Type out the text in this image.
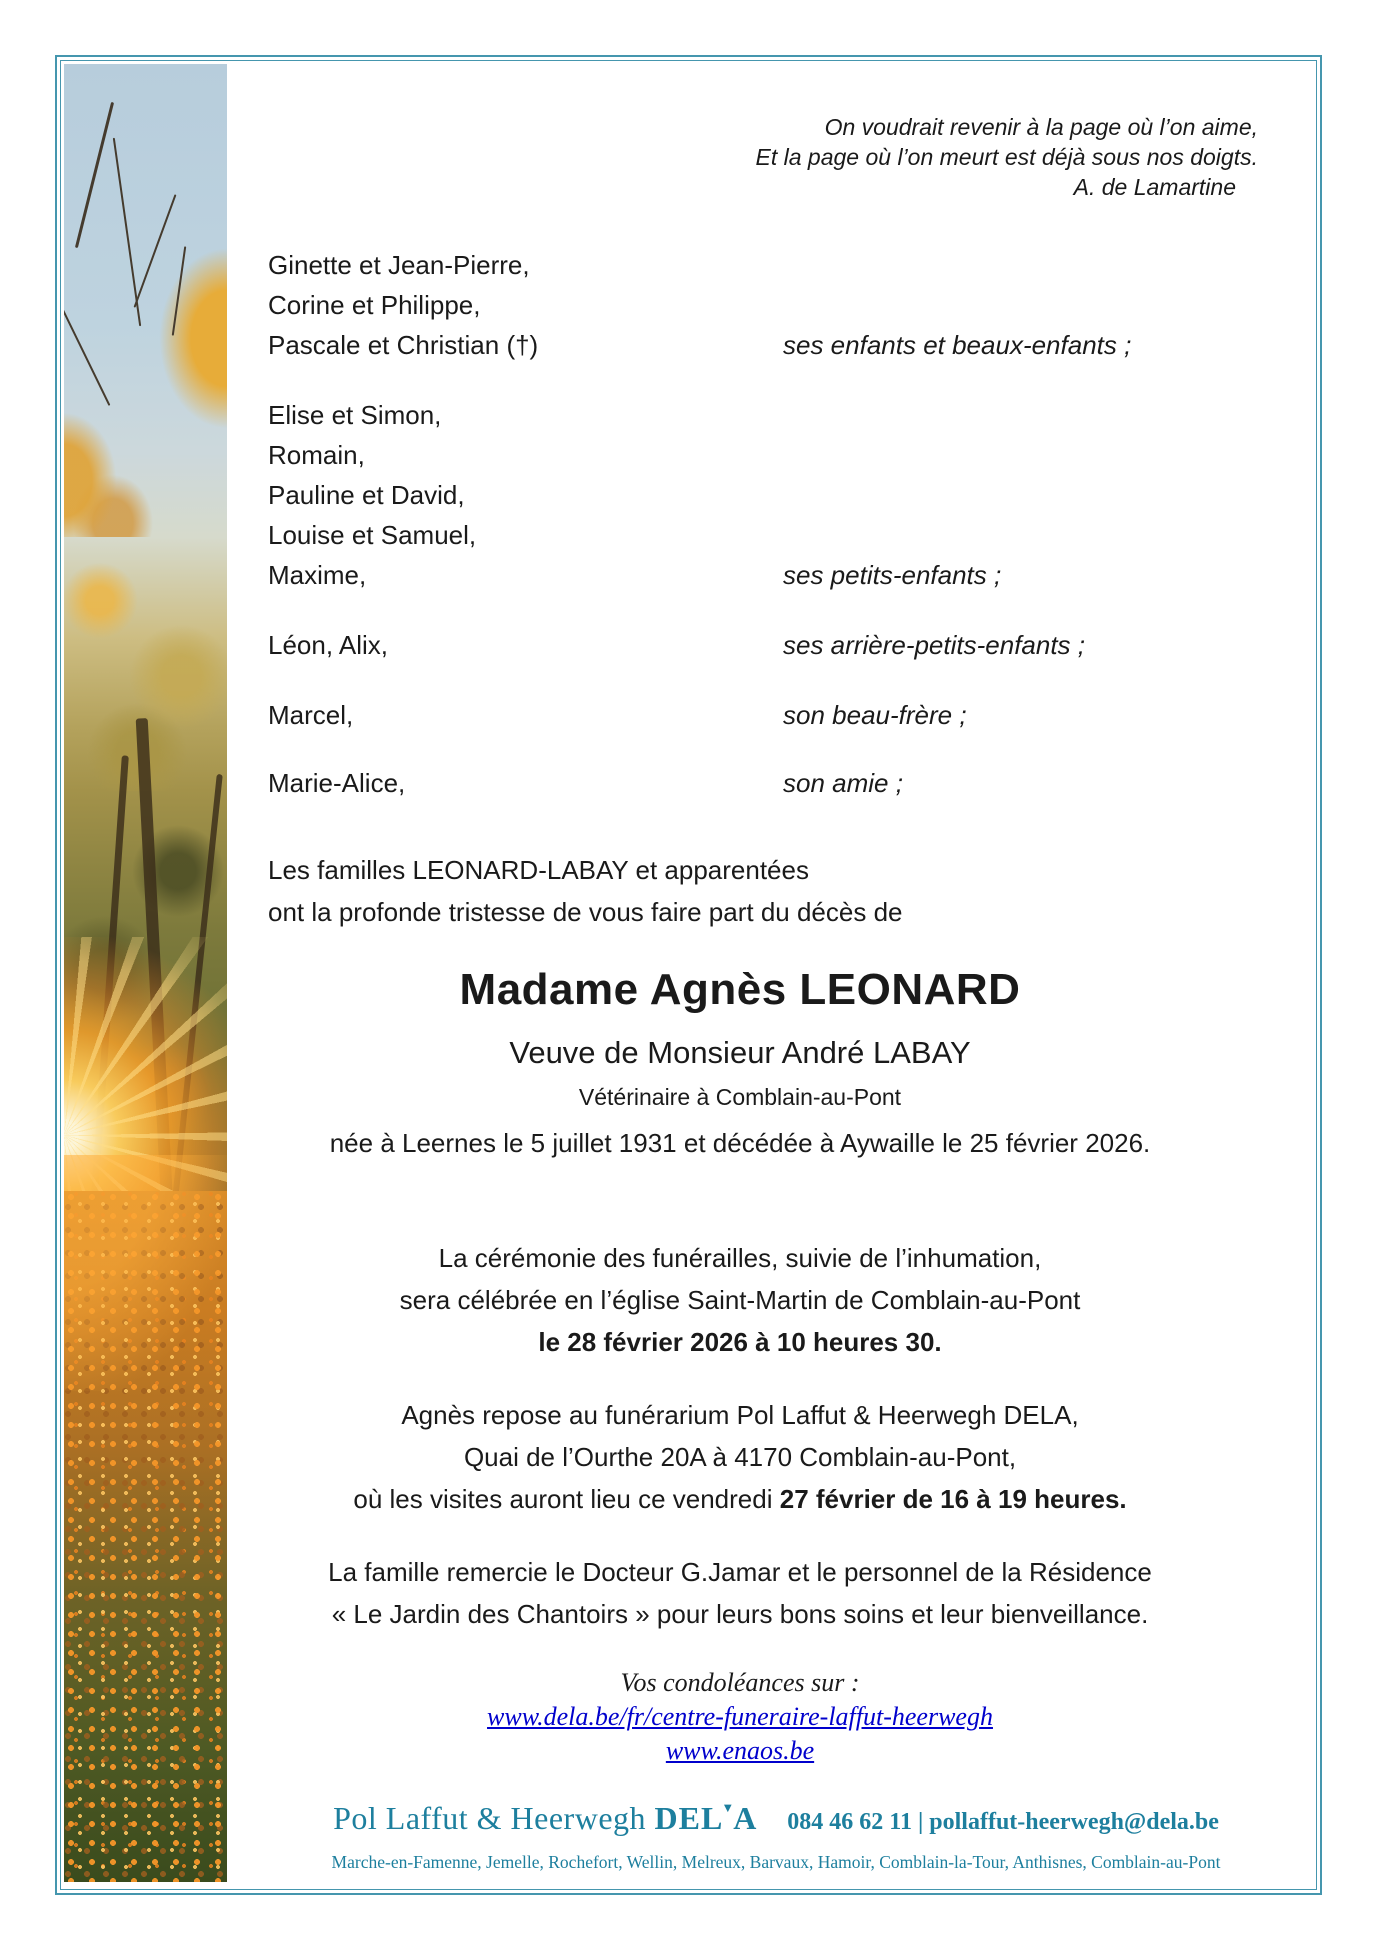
On voudrait revenir à la page où l’on aime,
Et la page où l’on meurt est déjà sous nos doigts.
A. de Lamartine
Ginette et Jean-Pierre,
Corine et Philippe,
Pascale et Christian (†)	ses enfants et beaux-enfants ;
Elise et Simon,
Romain,
Pauline et David,
Louise et Samuel,
Maxime,	ses petits-enfants ;
Léon, Alix,	ses arrière-petits-enfants ;
Marcel,	son beau-frère ;
Marie-Alice,	son amie ;
Les familles LEONARD-LABAY et apparentées
ont la profonde tristesse de vous faire part du décès de
Madame Agnès LEONARD
Veuve de Monsieur André LABAY
Vétérinaire à Comblain-au-Pont
née à Leernes le 5 juillet 1931 et décédée à Aywaille le 25 février 2026.
La cérémonie des funérailles, suivie de l’inhumation,
sera célébrée en l’église Saint-Martin de Comblain-au-Pont
le 28 février 2026 à 10 heures 30.
Agnès repose au funérarium Pol Laffut & Heerwegh DELA,
Quai de l’Ourthe 20A à 4170 Comblain-au-Pont,
où les visites auront lieu ce vendredi 27 février de 16 à 19 heures.
La famille remercie le Docteur G.Jamar et le personnel de la Résidence
« Le Jardin des Chantoirs » pour leurs bons soins et leur bienveillance.
Vos condoléances sur :
www.dela.be/fr/centre-funeraire-laffut-heerwegh
www.enaos.be
Pol Laffut & Heerwegh DEL▼A 084 46 62 11 | pollaffut-heerwegh@dela.be
Marche-en-Famenne, Jemelle, Rochefort, Wellin, Melreux, Barvaux, Hamoir, Comblain-la-Tour, Anthisnes, Comblain-au-Pont
